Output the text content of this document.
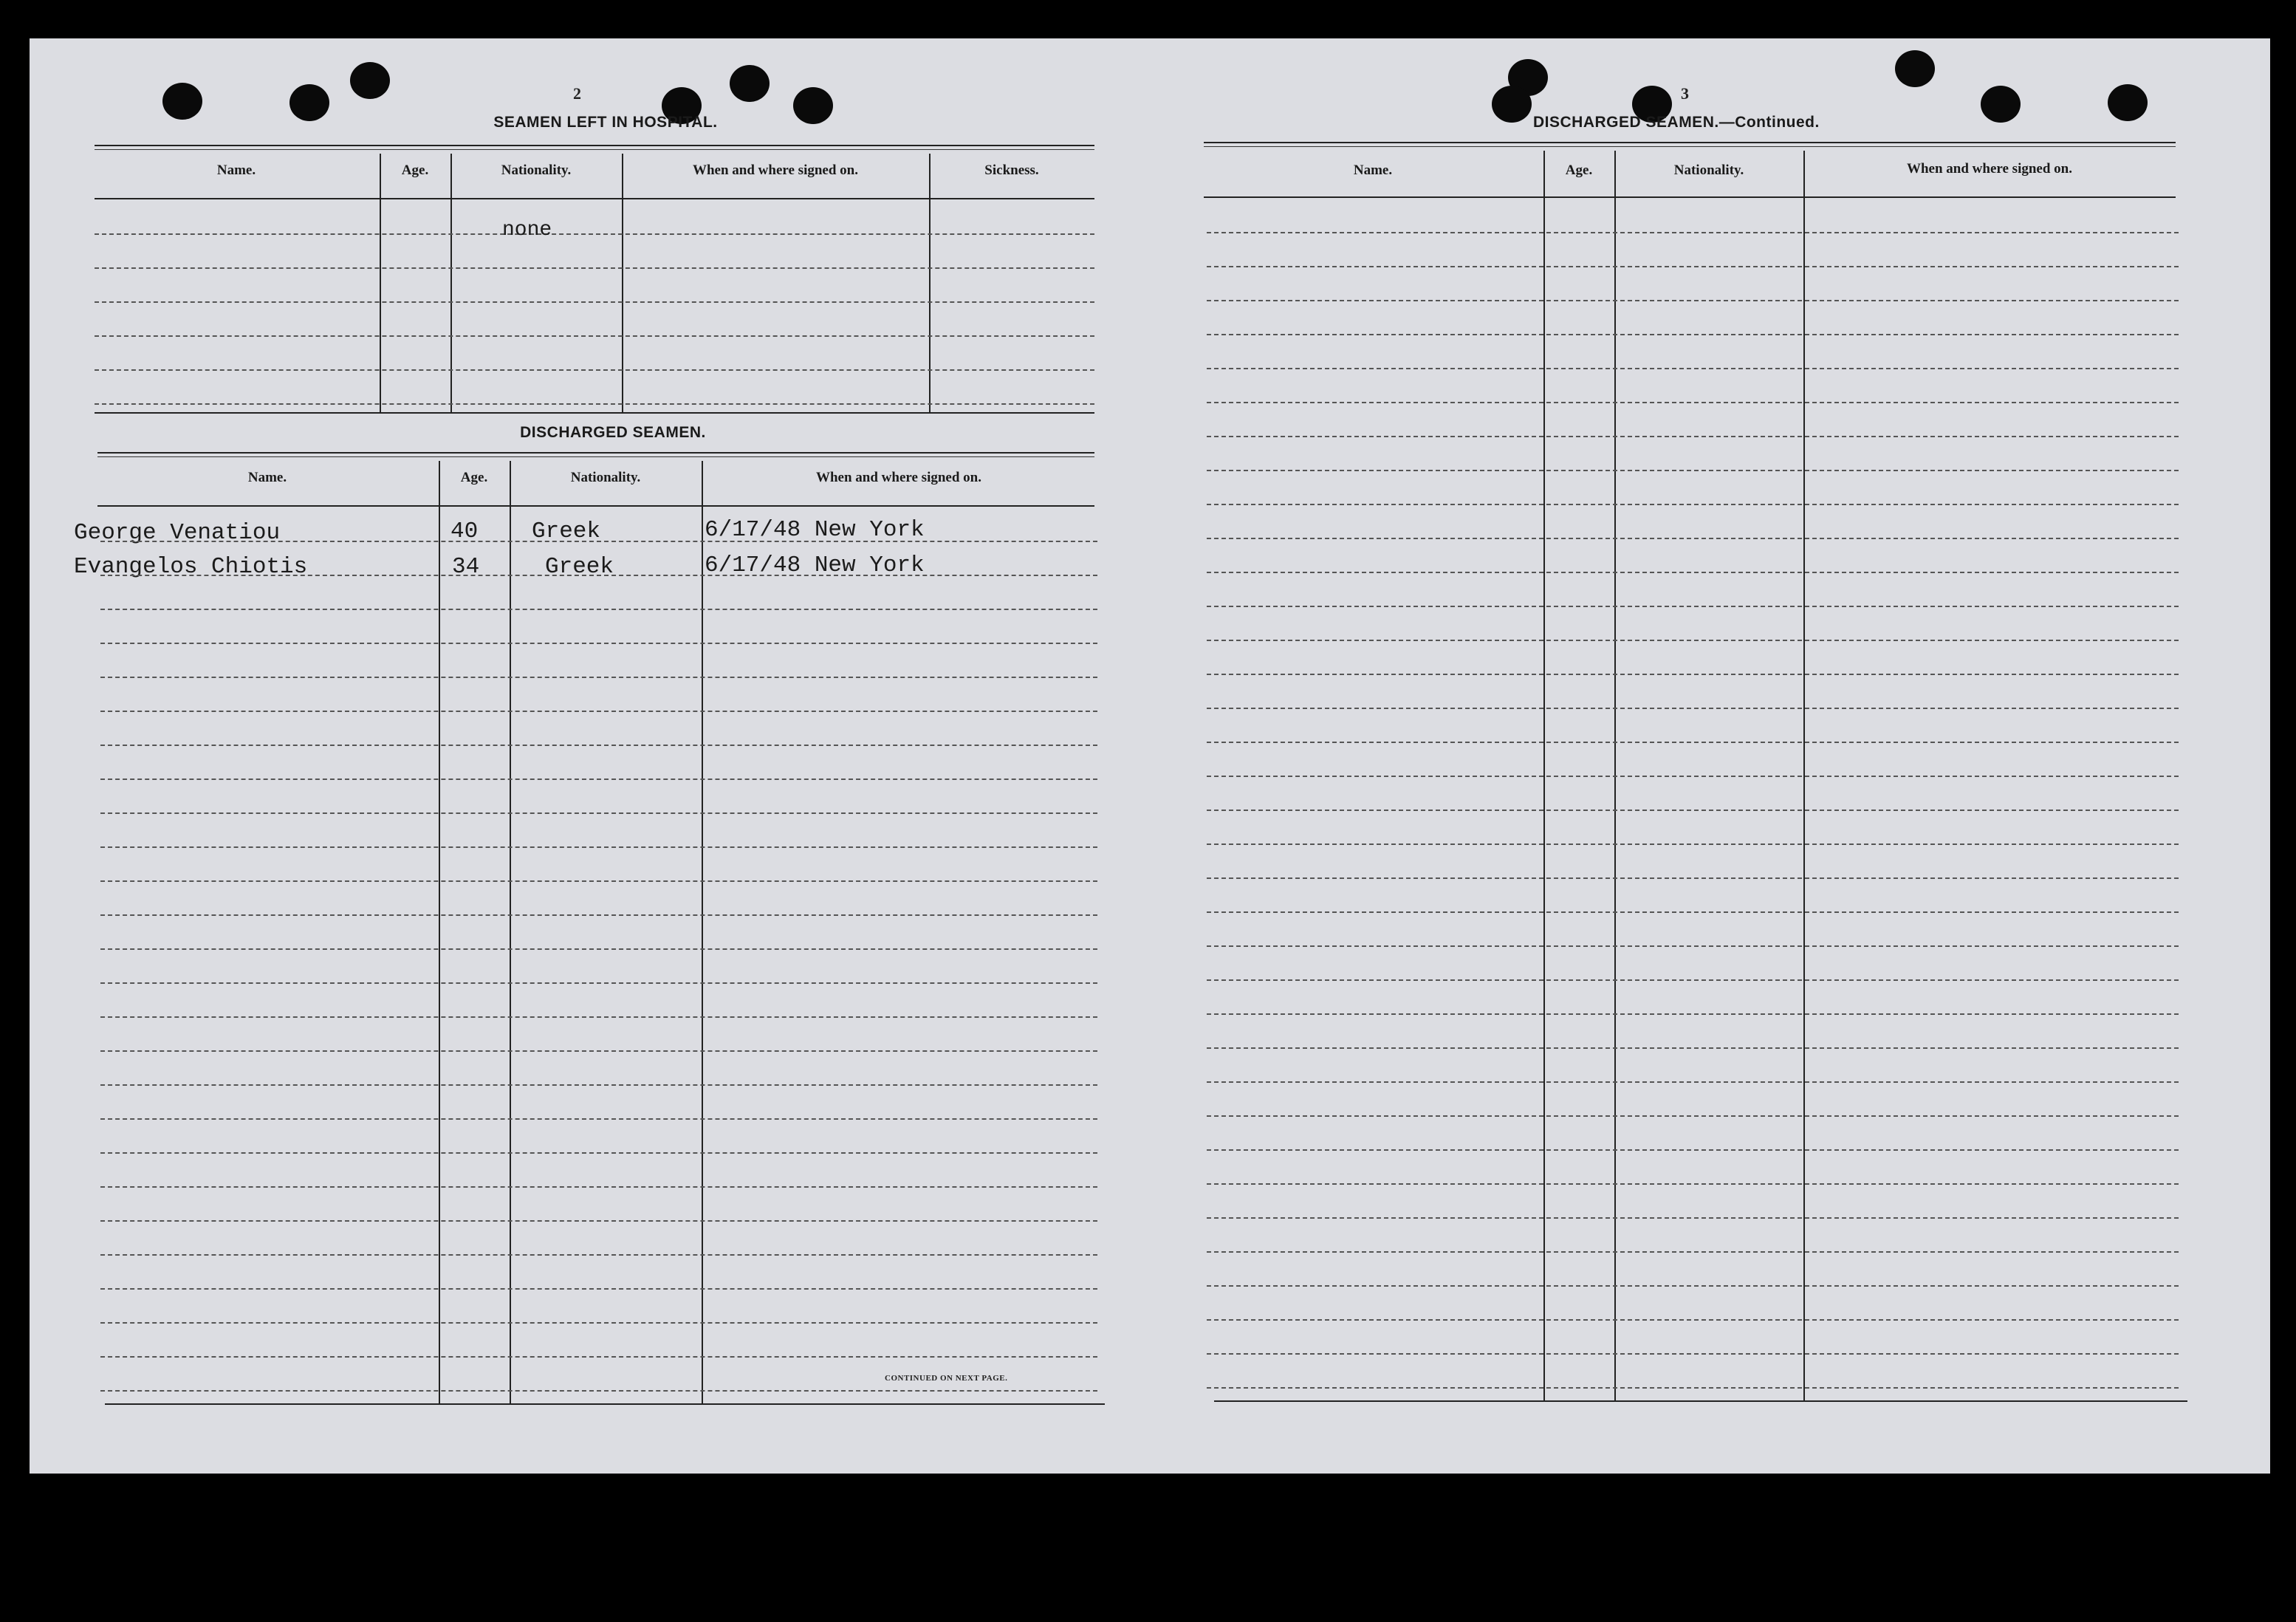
2
SEAMEN LEFT IN HOSPITAL.
Name.	Age.	Nationality.	When and where signed on.	Sickness.
none
DISCHARGED SEAMEN.
Name.	Age.	Nationality.	When and where signed on.
George Venatiou	40 Greek	6/17/48 New York
Evangelos Chiotis	34	Greek	6/17/48 New York
CONTINUED ON NEXT PAGE.
3
DISCHARGED SEAMEN.—Continued.
Name.	Age.	Nationality.	When and where signed on.
